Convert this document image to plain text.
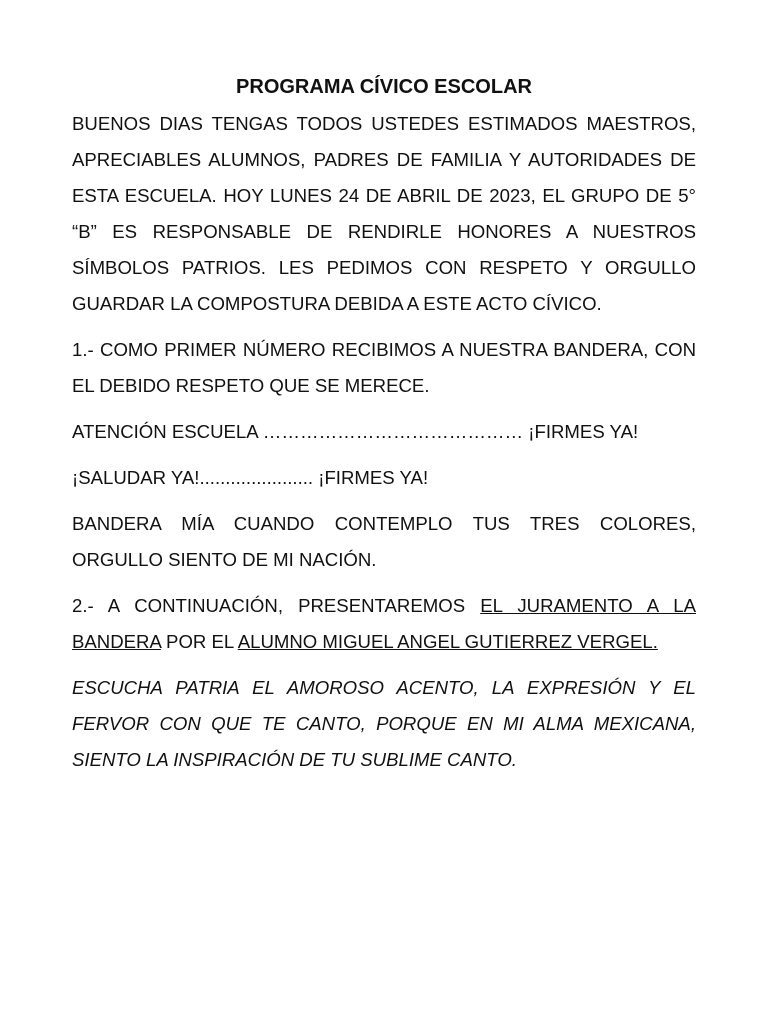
PROGRAMA CÍVICO ESCOLAR

BUENOS DIAS TENGAS TODOS USTEDES ESTIMADOS MAESTROS, APRECIABLES ALUMNOS, PADRES DE FAMILIA Y AUTORIDADES DE ESTA ESCUELA. HOY LUNES 24 DE ABRIL DE 2023, EL GRUPO DE 5° “B” ES RESPONSABLE DE RENDIRLE HONORES A NUESTROS SÍMBOLOS PATRIOS. LES PEDIMOS CON RESPETO Y ORGULLO GUARDAR LA COMPOSTURA DEBIDA A ESTE ACTO CÍVICO.

1.- COMO PRIMER NÚMERO RECIBIMOS A NUESTRA BANDERA, CON EL DEBIDO RESPETO QUE SE MERECE.

ATENCIÓN ESCUELA …………………………………… ¡FIRMES YA!

¡SALUDAR YA!...................... ¡FIRMES YA!

BANDERA MÍA CUANDO CONTEMPLO TUS TRES COLORES, ORGULLO SIENTO DE MI NACIÓN.

2.- A CONTINUACIÓN, PRESENTAREMOS EL JURAMENTO A LA BANDERA POR EL ALUMNO MIGUEL ANGEL GUTIERREZ VERGEL.

ESCUCHA PATRIA EL AMOROSO ACENTO, LA EXPRESIÓN Y EL FERVOR CON QUE TE CANTO, PORQUE EN MI ALMA MEXICANA, SIENTO LA INSPIRACIÓN DE TU SUBLIME CANTO.
